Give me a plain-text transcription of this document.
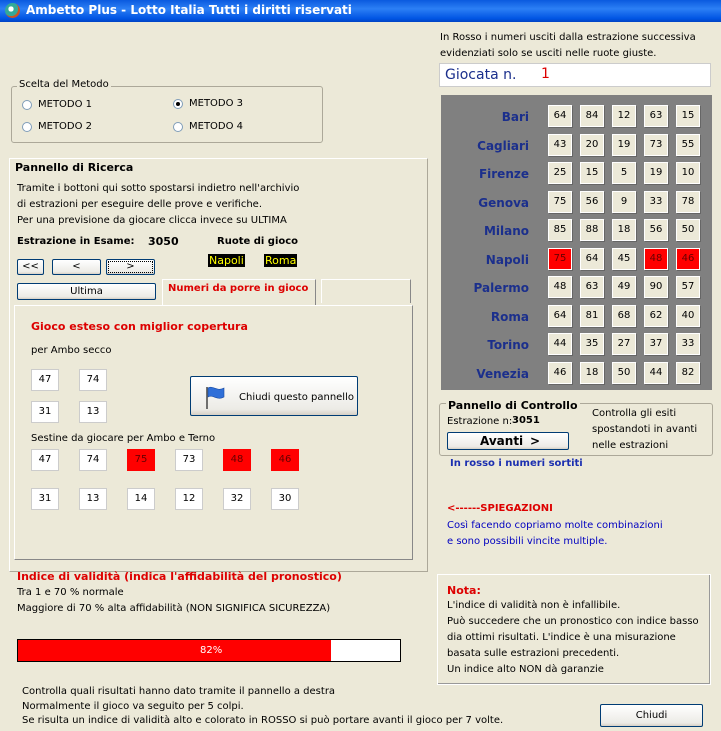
Ambetto Plus - Lotto Italia Tutti i diritti riservati
Scelta del Metodo
METODO 1
METODO 2
METODO 3
METODO 4
Pannello di Ricerca
Tramite i bottoni qui sotto spostarsi indietro nell'archivio
di estrazioni per eseguire delle prove e verifiche.
Per una previsione da giocare clicca invece su ULTIMA
Estrazione in Esame: 3050	Ruote di gioco
Napoli Roma
<<	<	>
Ultima	Numeri da porre in gioco
Gioco esteso con miglior copertura
per Ambo secco
47	74
31	13
Chiudi questo pannello
Sestine da giocare per Ambo e Terno
47	74	75	73	48	46
31	13	14	12	32	30
Indice di validità (indica l'affidabilità del pronostico)
Tra 1 e 70 % normale
Maggiore di 70 % alta affidabilità (NON SIGNIFICA SICUREZZA)
82%
Controlla quali risultati hanno dato tramite il pannello a destra
Normalmente il gioco va seguito per 5 colpi.
Se risulta un indice di validità alto e colorato in ROSSO si può portare avanti il gioco per 7 volte.	Chiudi
In Rosso i numeri usciti dalla estrazione successiva
evidenziati solo se usciti nelle ruote giuste.
Giocata n. 1
Bari	64	84	12	63	15
Cagliari	43	20	19	73	55
Firenze	25	15	5	19	10
Genova	75	56	9	33	78
Milano	85	88	18	56	50
Napoli	75	64	45	48	46
Palermo	48	63	49	90	57
Roma	64	81	68	62	40
Torino	44	35	27	37	33
Venezia	46	18	50	44	82
Pannello di Controllo
Estrazione n: 3051
Avanti >
Controlla gli esiti
spostandoti in avanti
nelle estrazioni
In rosso i numeri sortiti
<------SPIEGAZIONI
Così facendo copriamo molte combinazioni
e sono possibili vincite multiple.
Nota:
L'indice di validità non è infallibile.
Può succedere che un pronostico con indice basso
dia ottimi risultati. L'indice è una misurazione
basata sulle estrazioni precedenti.
Un indice alto NON dà garanzie
